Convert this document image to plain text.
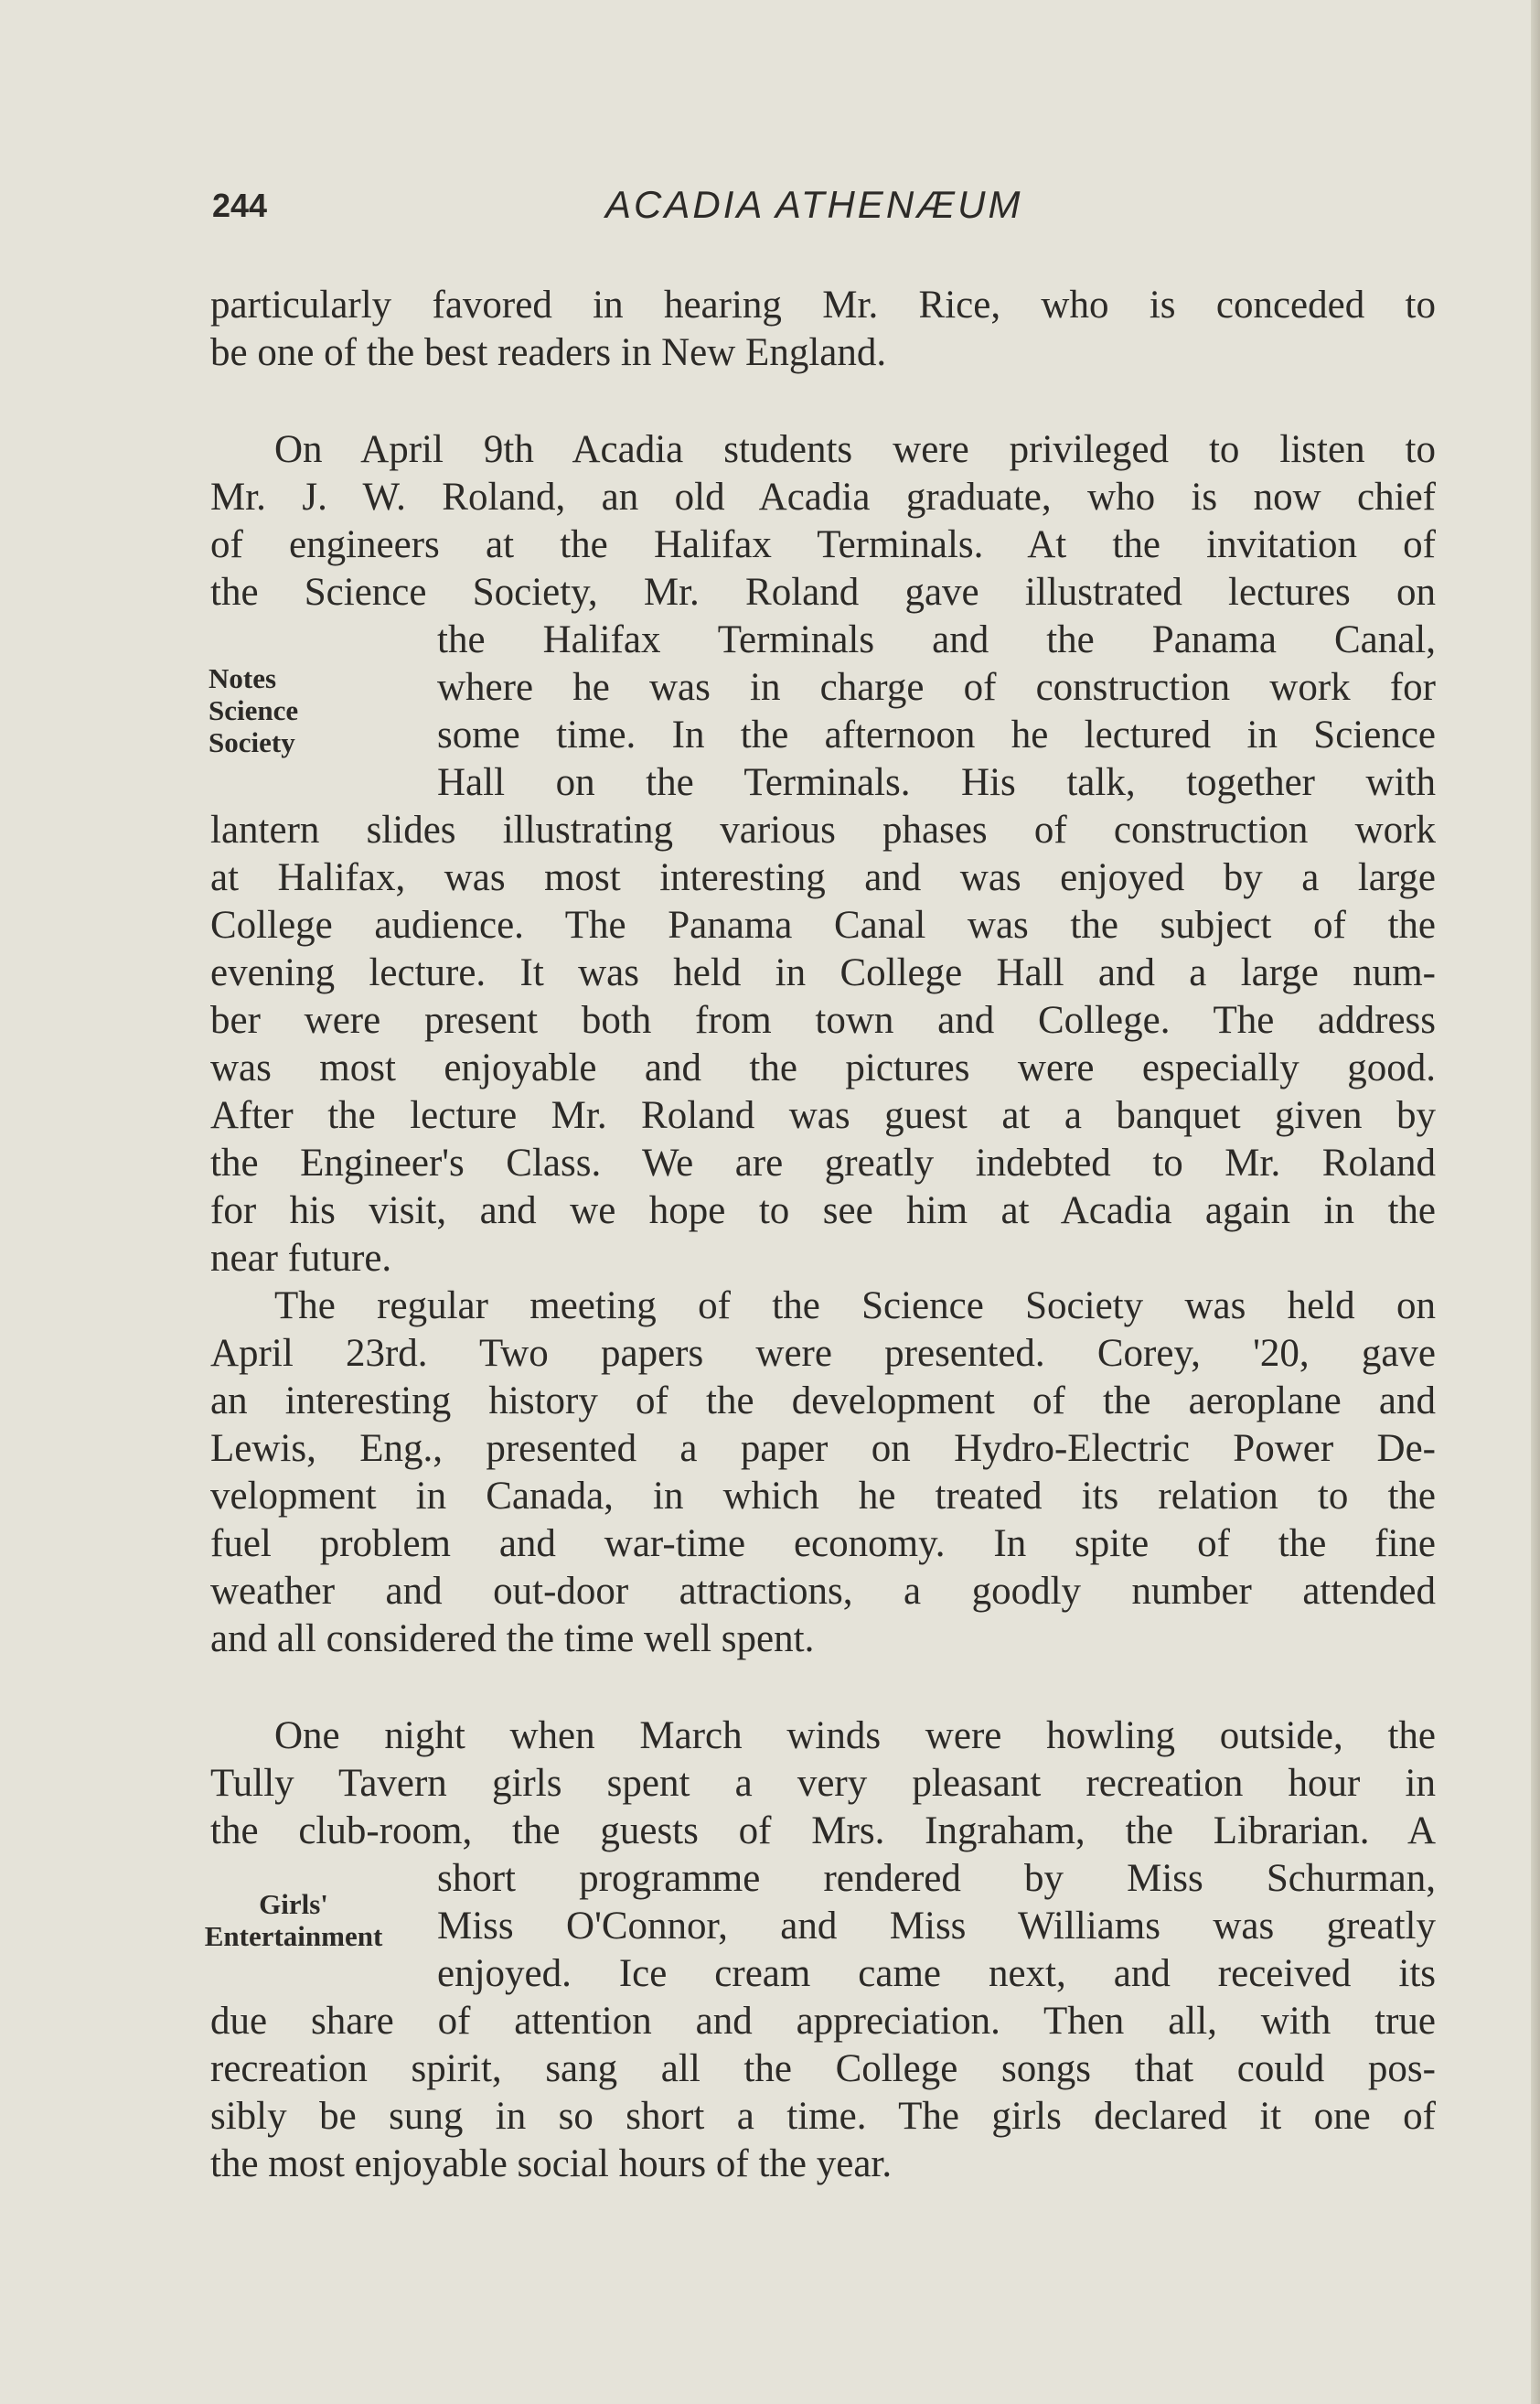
244	ACADIA ATHENÆUM
particularly favored in hearing Mr. Rice, who is conceded to
be one of the best readers in New England.
On April 9th Acadia students were privileged to listen to
Mr. J. W. Roland, an old Acadia graduate, who is now chief
of engineers at the Halifax Terminals. At the invitation of
the Science Society, Mr. Roland gave illustrated lectures on
the Halifax Terminals and the Panama Canal,
where he was in charge of construction work for
some time. In the afternoon he lectured in Science
Hall on the Terminals. His talk, together with
lantern slides illustrating various phases of construction work
at Halifax, was most interesting and was enjoyed by a large
College audience. The Panama Canal was the subject of the
evening lecture. It was held in College Hall and a large num-
ber were present both from town and College. The address
was most enjoyable and the pictures were especially good.
After the lecture Mr. Roland was guest at a banquet given by
the Engineer's Class. We are greatly indebted to Mr. Roland
for his visit, and we hope to see him at Acadia again in the
near future.
Notes
Science
Society
The regular meeting of the Science Society was held on
April 23rd. Two papers were presented. Corey, '20, gave
an interesting history of the development of the aeroplane and
Lewis, Eng., presented a paper on Hydro-Electric Power De-
velopment in Canada, in which he treated its relation to the
fuel problem and war-time economy. In spite of the fine
weather and out-door attractions, a goodly number attended
and all considered the time well spent.
One night when March winds were howling outside, the
Tully Tavern girls spent a very pleasant recreation hour in
the club-room, the guests of Mrs. Ingraham, the Librarian. A
short programme rendered by Miss Schurman,
Miss O'Connor, and Miss Williams was greatly
enjoyed. Ice cream came next, and received its
due share of attention and appreciation. Then all, with true
recreation spirit, sang all the College songs that could pos-
sibly be sung in so short a time. The girls declared it one of
the most enjoyable social hours of the year.
Girls'
Entertainment
